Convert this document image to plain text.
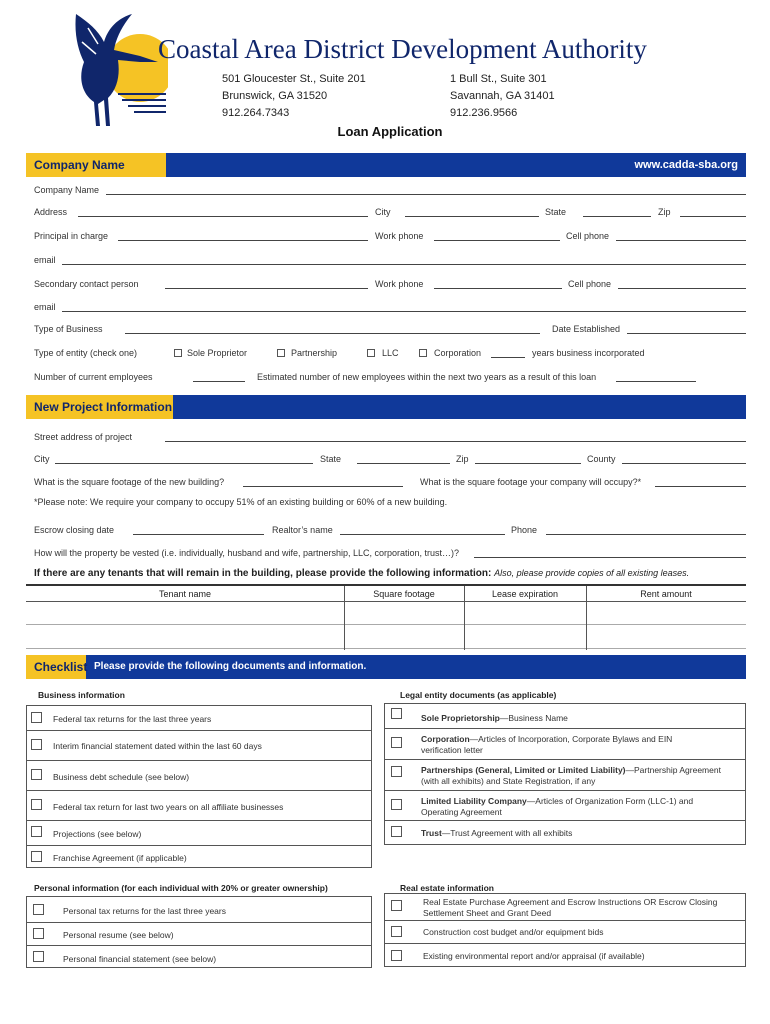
Coastal Area District Development Authority
501 Gloucester St., Suite 201
Brunswick, GA 31520
912.264.7343
1 Bull St., Suite 301
Savannah, GA 31401
912.236.9566
Loan Application
Company Name	www.cadda-sba.org
Company Name
Address	City	State	Zip
Principal in charge	Work phone	Cell phone
email
Secondary contact person	Work phone	Cell phone
email
Type of Business	Date Established
Type of entity (check one)	Sole Proprietor	Partnership	LLC	Corporation	years business incorporated
Number of current employees	Estimated number of new employees within the next two years as a result of this loan
New Project Information
Street address of project
City	State	Zip	County
What is the square footage of the new building?	What is the square footage your company will occupy?*
*Please note: We require your company to occupy 51% of an existing building or 60% of a new building.
Escrow closing date	Realtor’s name	Phone
How will the property be vested (i.e. individually, husband and wife, partnership, LLC, corporation, trust…)?
If there are any tenants that will remain in the building, please provide the following information: Also, please provide copies of all existing leases.
Tenant name	Square footage	Lease expiration	Rent amount
Checklist Please provide the following documents and information.
Business information	Legal entity documents (as applicable)
Federal tax returns for the last three years
Interim financial statement dated within the last 60 days
Business debt schedule (see below)
Federal tax return for last two years on all affiliate businesses
Projections (see below)
Franchise Agreement (if applicable)
Sole Proprietorship—Business Name
Corporation—Articles of Incorporation, Corporate Bylaws and EIN verification letter
Partnerships (General, Limited or Limited Liability)—Partnership Agreement (with all exhibits) and State Registration, if any
Limited Liability Company—Articles of Organization Form (LLC-1) and Operating Agreement
Trust—Trust Agreement with all exhibits
Personal information (for each individual with 20% or greater ownership)
Personal tax returns for the last three years
Personal resume (see below)
Personal financial statement (see below)
Real estate information
Real Estate Purchase Agreement and Escrow Instructions OR Escrow Closing Settlement Sheet and Grant Deed
Construction cost budget and/or equipment bids
Existing environmental report and/or appraisal (if available)
